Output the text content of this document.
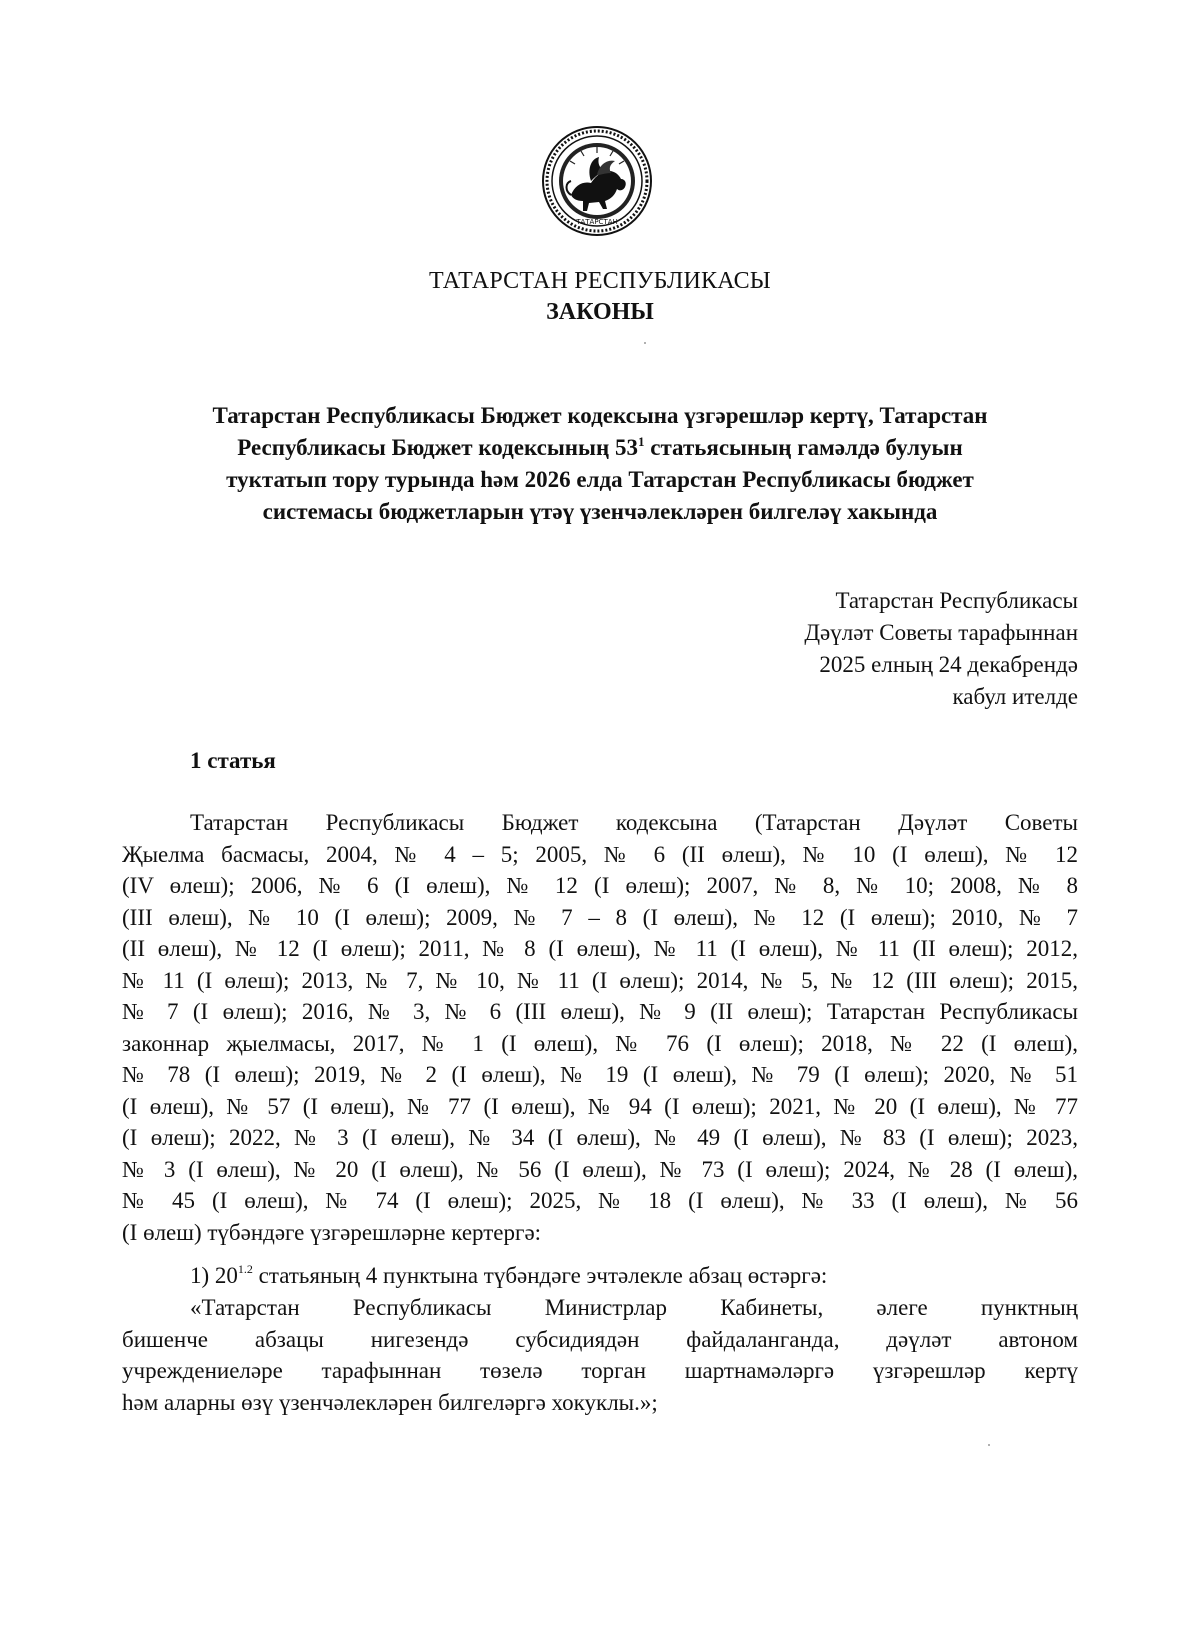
ТАТАРСТАН
ТАТАРСТАН РЕСПУБЛИКАСЫ
ЗАКОНЫ
Татарстан Республикасы Бюджет кодексына үзгәрешләр кертү, Татарстан
Республикасы Бюджет кодексының $53^1$ статьясының гамәлдә булуын
туктатып тору турында һәм 2026 елда Татарстан Республикасы бюджет
системасы бюджетларын үтәү үзенчәлекләрен билгеләү хакында
Татарстан Республикасы
Дәүләт Советы тарафыннан
2025 елның 24 декабрендә
кабул ителде
1 статья
Татарстан Республикасы Бюджет кодексына (Татарстан Дәүләт Советы
Җыелма басмасы, 2004, № 4 – 5; 2005, № 6 (II өлеш), № 10 (I өлеш), № 12
(IV өлеш); 2006, № 6 (I өлеш), № 12 (I өлеш); 2007, № 8, № 10; 2008, № 8
(III өлеш), № 10 (I өлеш); 2009, № 7 – 8 (I өлеш), № 12 (I өлеш); 2010, № 7
(II өлеш), № 12 (I өлеш); 2011, № 8 (I өлеш), № 11 (I өлеш), № 11 (II өлеш); 2012,
№ 11 (I өлеш); 2013, № 7, № 10, № 11 (I өлеш); 2014, № 5, № 12 (III өлеш); 2015,
№ 7 (I өлеш); 2016, № 3, № 6 (III өлеш), № 9 (II өлеш); Татарстан Республикасы
законнар җыелмасы, 2017, № 1 (I өлеш), № 76 (I өлеш); 2018, № 22 (I өлеш),
№ 78 (I өлеш); 2019, № 2 (I өлеш), № 19 (I өлеш), № 79 (I өлеш); 2020, № 51
(I өлеш), № 57 (I өлеш), № 77 (I өлеш), № 94 (I өлеш); 2021, № 20 (I өлеш), № 77
(I өлеш); 2022, № 3 (I өлеш), № 34 (I өлеш), № 49 (I өлеш), № 83 (I өлеш); 2023,
№ 3 (I өлеш), № 20 (I өлеш), № 56 (I өлеш), № 73 (I өлеш); 2024, № 28 (I өлеш),
№ 45 (I өлеш), № 74 (I өлеш); 2025, № 18 (I өлеш), № 33 (I өлеш), № 56
(I өлеш) түбәндәге үзгәрешләрне кертергә:
1) $20^{1.2}$ статьяның 4 пунктына түбәндәге эчтәлекле абзац өстәргә:
«Татарстан Республикасы Министрлар Кабинеты, әлеге пунктның
бишенче абзацы нигезендә субсидиядән файдаланганда, дәүләт автоном
учреждениеләре тарафыннан төзелә торган шартнамәләргә үзгәрешләр кертү
һәм аларны өзү үзенчәлекләрен билгеләргә хокуклы.»;
